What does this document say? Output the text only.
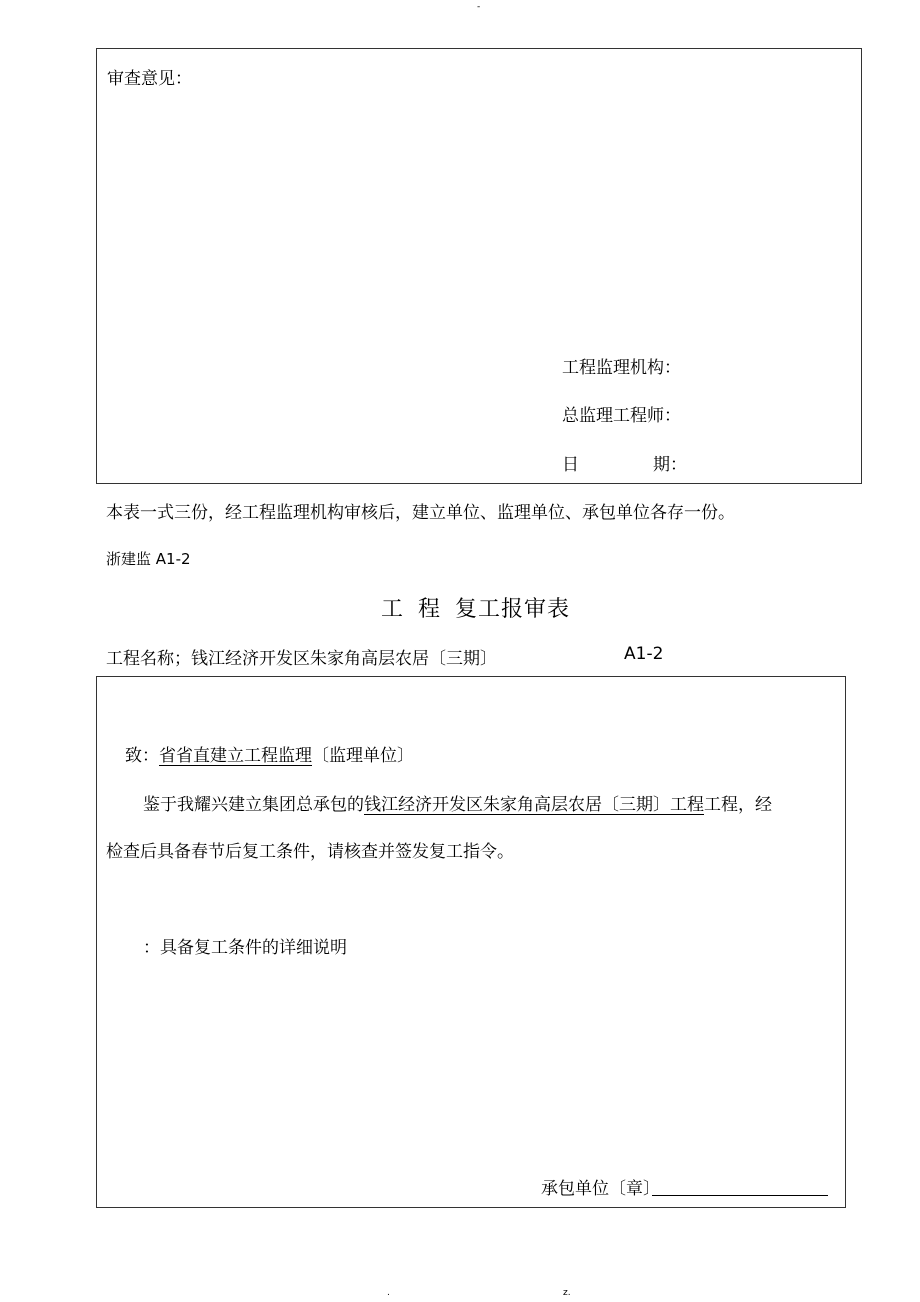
-
审查意见：
工程监理机构：
总监理工程师：
日	期：
本表一式三份，经工程监理机构审核后，建立单位、监理单位、承包单位各存一份。
浙建监 A1-2
工 程 复工报审表
工程名称；钱江经济开发区朱家角高层农居〔三期〕	A1-2
致：省省直建立工程监理〔监理单位〕
鉴于我耀兴建立集团总承包的钱江经济开发区朱家角高层农居〔三期〕工程工程，经
检查后具备春节后复工条件，请核查并签发复工指令。
：具备复工条件的详细说明
承包单位〔章〕
.	z.
